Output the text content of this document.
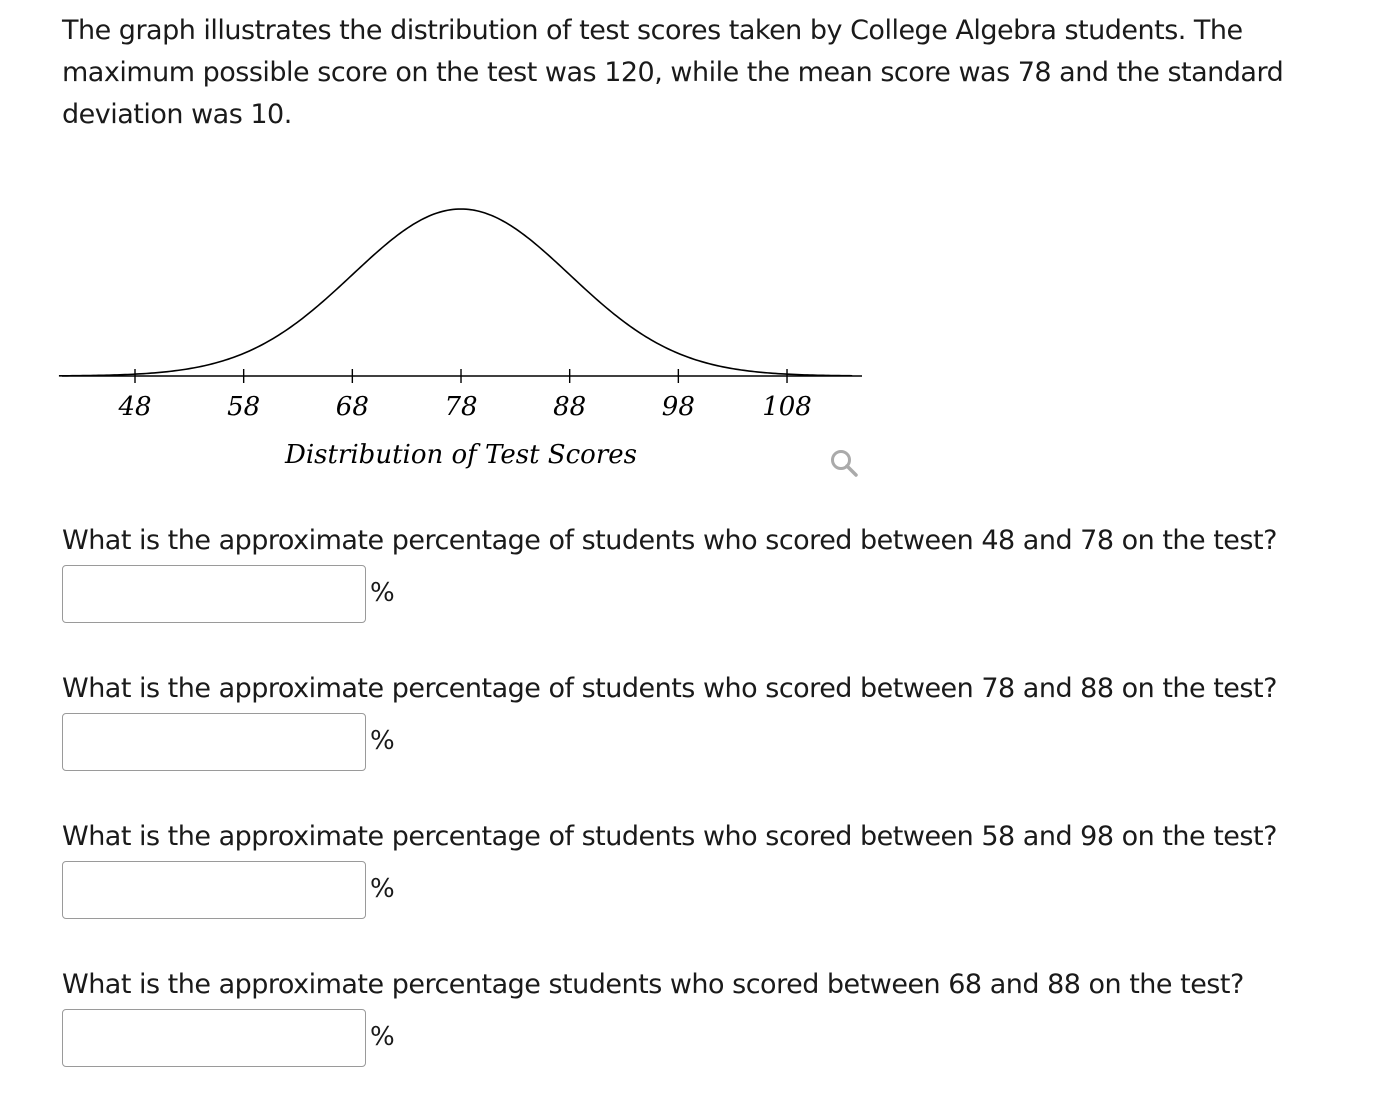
The graph illustrates the distribution of test scores taken by College Algebra students. The maximum possible score on the test was 120, while the mean score was 78 and the standard deviation was 10.

48	58	68	78	88	98	108
Distribution of Test Scores

What is the approximate percentage of students who scored between 48 and 78 on the test?

%

What is the approximate percentage of students who scored between 78 and 88 on the test?

%

What is the approximate percentage of students who scored between 58 and 98 on the test?

%

What is the approximate percentage students who scored between 68 and 88 on the test?

%
